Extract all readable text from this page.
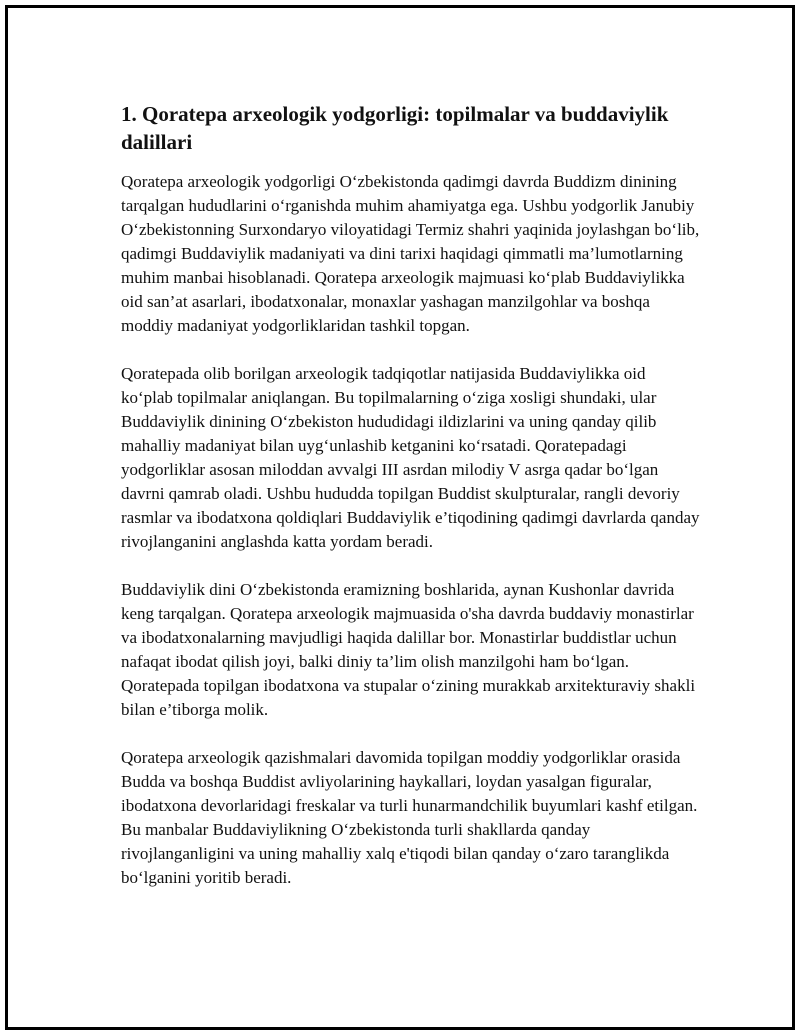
1. Qoratepa arxeologik yodgorligi: topilmalar va buddaviylik dalillari

Qoratepa arxeologik yodgorligi O‘zbekistonda qadimgi davrda Buddizm dinining tarqalgan hududlarini o‘rganishda muhim ahamiyatga ega. Ushbu yodgorlik Janubiy O‘zbekistonning Surxondaryo viloyatidagi Termiz shahri yaqinida joylashgan bo‘lib, qadimgi Buddaviylik madaniyati va dini tarixi haqidagi qimmatli ma’lumotlarning muhim manbai hisoblanadi. Qoratepa arxeologik majmuasi ko‘plab Buddaviylikka oid san’at asarlari, ibodatxonalar, monaxlar yashagan manzilgohlar va boshqa moddiy madaniyat yodgorliklaridan tashkil topgan.

Qoratepada olib borilgan arxeologik tadqiqotlar natijasida Buddaviylikka oid ko‘plab topilmalar aniqlangan. Bu topilmalarning o‘ziga xosligi shundaki, ular Buddaviylik dinining O‘zbekiston hududidagi ildizlarini va uning qanday qilib mahalliy madaniyat bilan uyg‘unlashib ketganini ko‘rsatadi. Qoratepadagi yodgorliklar asosan miloddan avvalgi III asrdan milodiy V asrga qadar bo‘lgan davrni qamrab oladi. Ushbu hududda topilgan Buddist skulpturalar, rangli devoriy rasmlar va ibodatxona qoldiqlari Buddaviylik e’tiqodining qadimgi davrlarda qanday rivojlanganini anglashda katta yordam beradi.

Buddaviylik dini O‘zbekistonda eramizning boshlarida, aynan Kushonlar davrida keng tarqalgan. Qoratepa arxeologik majmuasida o'sha davrda buddaviy monastirlar va ibodatxonalarning mavjudligi haqida dalillar bor. Monastirlar buddistlar uchun nafaqat ibodat qilish joyi, balki diniy ta’lim olish manzilgohi ham bo‘lgan. Qoratepada topilgan ibodatxona va stupalar o‘zining murakkab arxitekturaviy shakli bilan e’tiborga molik.

Qoratepa arxeologik qazishmalari davomida topilgan moddiy yodgorliklar orasida Budda va boshqa Buddist avliyolarining haykallari, loydan yasalgan figuralar, ibodatxona devorlaridagi freskalar va turli hunarmandchilik buyumlari kashf etilgan. Bu manbalar Buddaviylikning O‘zbekistonda turli shakllarda qanday rivojlanganligini va uning mahalliy xalq e'tiqodi bilan qanday o‘zaro taranglikda bo‘lganini yoritib beradi.
